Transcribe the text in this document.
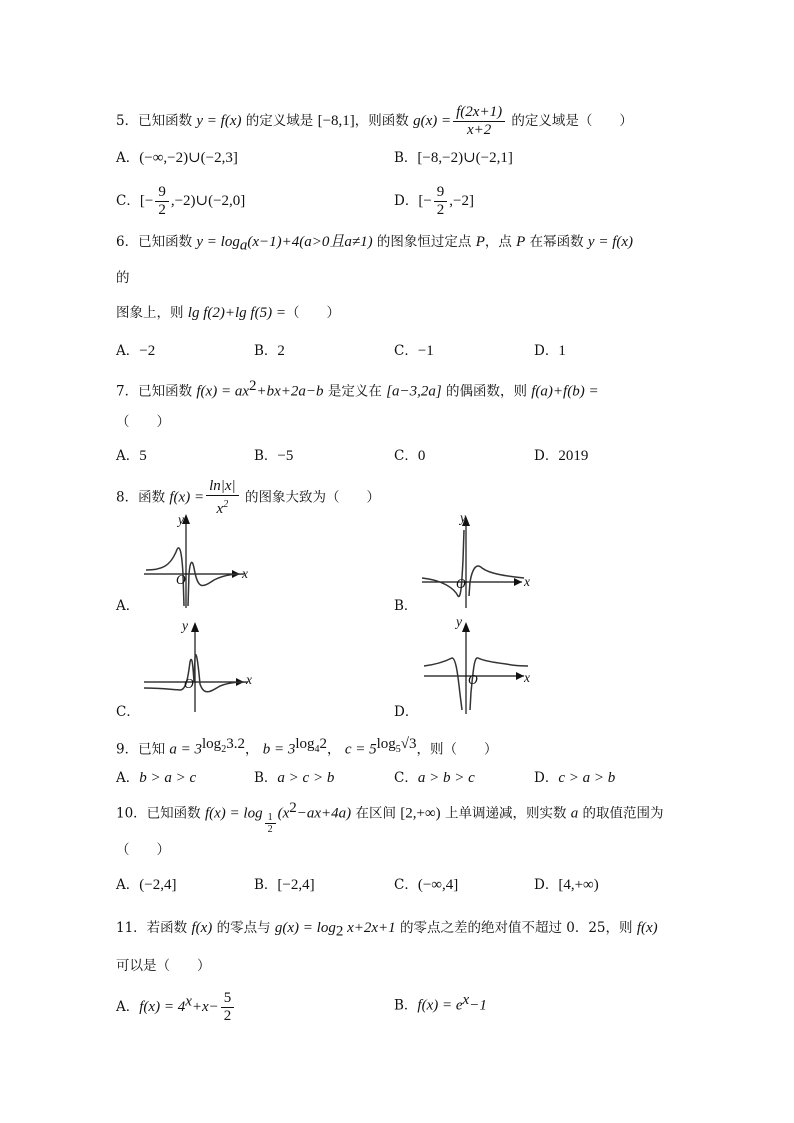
5．已知函数 y = f(x) 的定义域是 [−8,1]，则函数 $g(x) = \frac{f(2x+1)}{x+2}$ 的定义域是（　　）
A．(−∞,−2)∪(−2,3]	B．[−8,−2)∪(−2,1]
C．[− $\frac{9}{2}$ ,−2)∪(−2,0]	D．[− $\frac{9}{2} ,-2$]
6．已知函数 $y = \log_a(x-1)+4(a>0$且a≠1) 的图象恒过定点 P，点 P 在幂函数 y = f(x)
的
图象上，则 lg f(2)+lg f(5) =（　　）
A．−2	B．2	C．−1	D．1
7．已知函数 $f(x) = ax^2+bx+2a-b$ 是定义在 [a−3,2a] 的偶函数，则 f(a)+f(b) =
（　　）
A．5	B．−5	C．0	D．2019
8．函数 $f(x) = \frac{\ln|x|}{x^2}$ 的图象大致为（　　）
y
x
O
A．
y
x
O
B．
y
x
O
C．
y
x
O
D．
9．已知 $a = 3^{log_23.2}$， $b = 3^{log_42}$， $c = 5^{log_5√3}$，则（　　）
A．b > a > c	B．a > c > b	C．a > b > c	D．c > a > b
10．已知函数 $f(x) = \log \frac{1}{2} (x^2-ax+4a)$ 在区间 [2,+∞) 上单调递减，则实数 a 的取值范围为
（　　）
A．(−2,4]	B．[−2,4]	C．(−∞,4]	D．[4,+∞)
11．若函数 f(x) 的零点与 $g(x) = \log_2 x+2x+1$ 的零点之差的绝对值不超过 0．25，则 f(x)
可以是（　　）
A．$f(x) = 4^x+x- \frac{5}{2}$	B．$f(x) = e^x-1$
